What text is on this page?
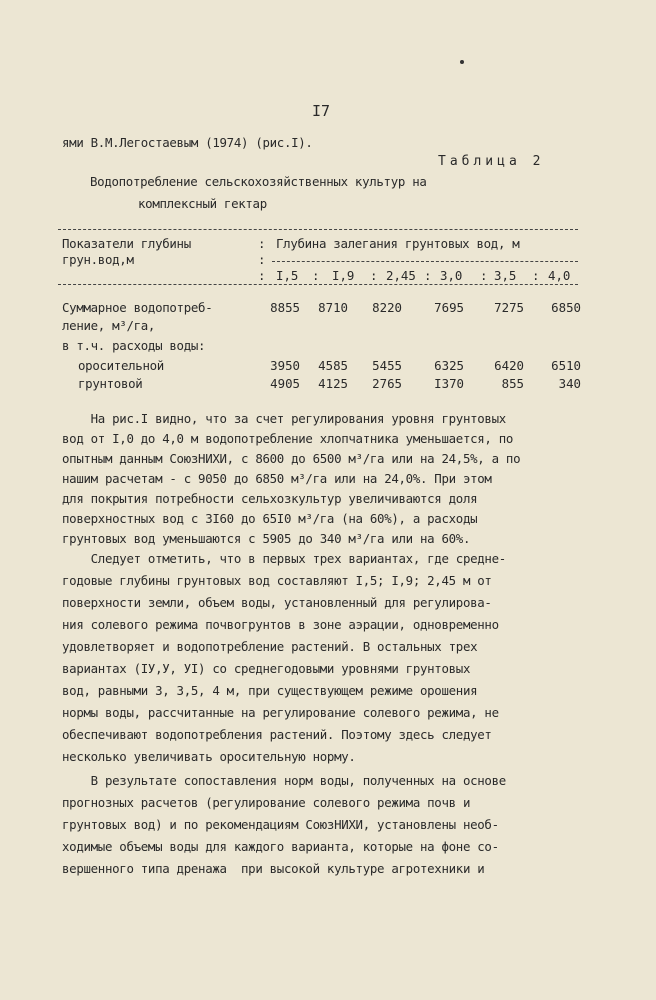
I7
ями В.М.Легостаевым (1974) (рис.I).
Таблица 2
Водопотребление сельскохозяйственных культур на
комплексный гектар
Показатели глубины
грун.вод,м
: Глубина залегания грунтовых вод, м
:
: I,5 : I,9 : 2,45 : 3,0 : 3,5 : 4,0
Суммарное водопотреб-
ление, м³/га,
8855	8710	8220	7695	7275	6850
в т.ч. расходы воды:
оросительной	3950	4585	5455	6325	6420	6510
грунтовой	4905	4125	2765	I370	855	340
На рис.I видно, что за счет регулирования уровня грунтовых
вод от I,0 до 4,0 м водопотребление хлопчатника уменьшается, по
опытным данным СоюзНИХИ, с 8600 до 6500 м³/га или на 24,5%, а по
нашим расчетам - с 9050 до 6850 м³/га или на 24,0%. При этом
для покрытия потребности сельхозкультур увеличиваются доля
поверхностных вод с 3I60 до 65I0 м³/га (на 60%), а расходы
грунтовых вод уменьшаются с 5905 до 340 м³/га или на 60%.
Следует отметить, что в первых трех вариантах, где средне-
годовые глубины грунтовых вод составляют I,5; I,9; 2,45 м от
поверхности земли, объем воды, установленный для регулирова-
ния солевого режима почвогрунтов в зоне аэрации, одновременно
удовлетворяет и водопотребление растений. В остальных трех
вариантах (IУ,У, УI) со среднегодовыми уровнями грунтовых
вод, равными 3, 3,5, 4 м, при существующем режиме орошения
нормы воды, рассчитанные на регулирование солевого режима, не
обеспечивают водопотребления растений. Поэтому здесь следует
несколько увеличивать оросительную норму.
В результате сопоставления норм воды, полученных на основе
прогнозных расчетов (регулирование солевого режима почв и
грунтовых вод) и по рекомендациям СоюзНИХИ, установлены необ-
ходимые объемы воды для каждого варианта, которые на фоне со-
вершенного типа дренажа  при высокой культуре агротехники и
